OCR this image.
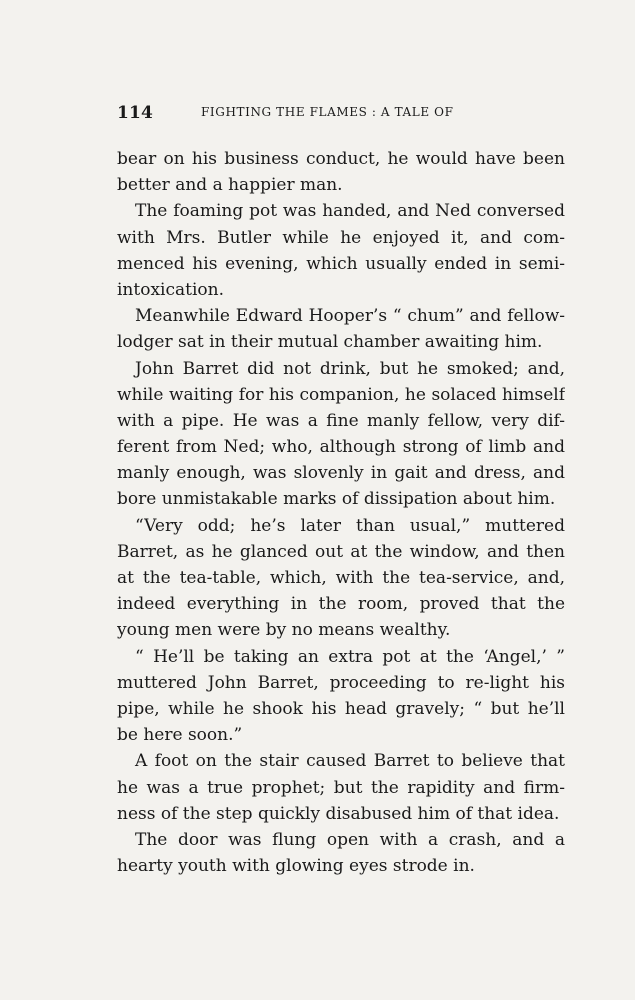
114	FIGHTING THE FLAMES : A TALE OF
bear on his business conduct, he would have been
better and a happier man.
The foaming pot was handed, and Ned conversed
with Mrs. Butler while he enjoyed it, and com-
menced his evening, which usually ended in semi-
intoxication.
Meanwhile Edward Hooper’s “ chum” and fellow-
lodger sat in their mutual chamber awaiting him.
John Barret did not drink, but he smoked; and,
while waiting for his companion, he solaced himself
with a pipe. He was a fine manly fellow, very dif-
ferent from Ned; who, although strong of limb and
manly enough, was slovenly in gait and dress, and
bore unmistakable marks of dissipation about him.
“Very odd; he’s later than usual,” muttered
Barret, as he glanced out at the window, and then
at the tea-table, which, with the tea-service, and,
indeed everything in the room, proved that the
young men were by no means wealthy.
“ He’ll be taking an extra pot at the ‘Angel,’ ”
muttered John Barret, proceeding to re-light his
pipe, while he shook his head gravely; “ but he’ll
be here soon.”
A foot on the stair caused Barret to believe that
he was a true prophet; but the rapidity and firm-
ness of the step quickly disabused him of that idea.
The door was flung open with a crash, and a
hearty youth with glowing eyes strode in.
